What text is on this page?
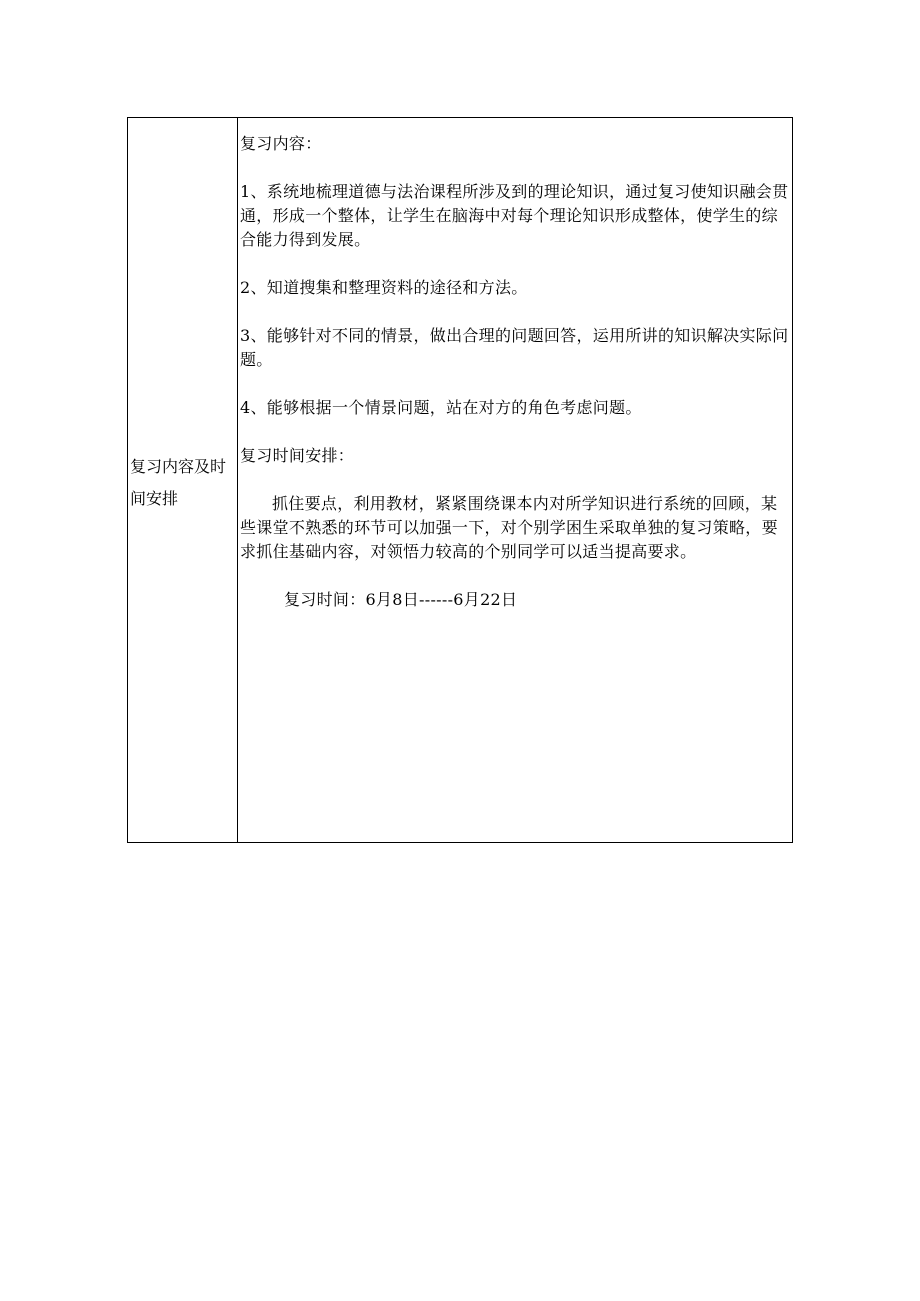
复习内容及时间安排

复习内容：

1、系统地梳理道德与法治课程所涉及到的理论知识，通过复习使知识融会贯通，形成一个整体，让学生在脑海中对每个理论知识形成整体，使学生的综合能力得到发展。

2、知道搜集和整理资料的途径和方法。

3、能够针对不同的情景，做出合理的问题回答，运用所讲的知识解决实际问题。

4、能够根据一个情景问题，站在对方的角色考虑问题。

复习时间安排：

抓住要点，利用教材，紧紧围绕课本内对所学知识进行系统的回顾，某些课堂不熟悉的环节可以加强一下，对个别学困生采取单独的复习策略，要求抓住基础内容，对领悟力较高的个别同学可以适当提高要求。

复习时间：6月8日------6月22日
